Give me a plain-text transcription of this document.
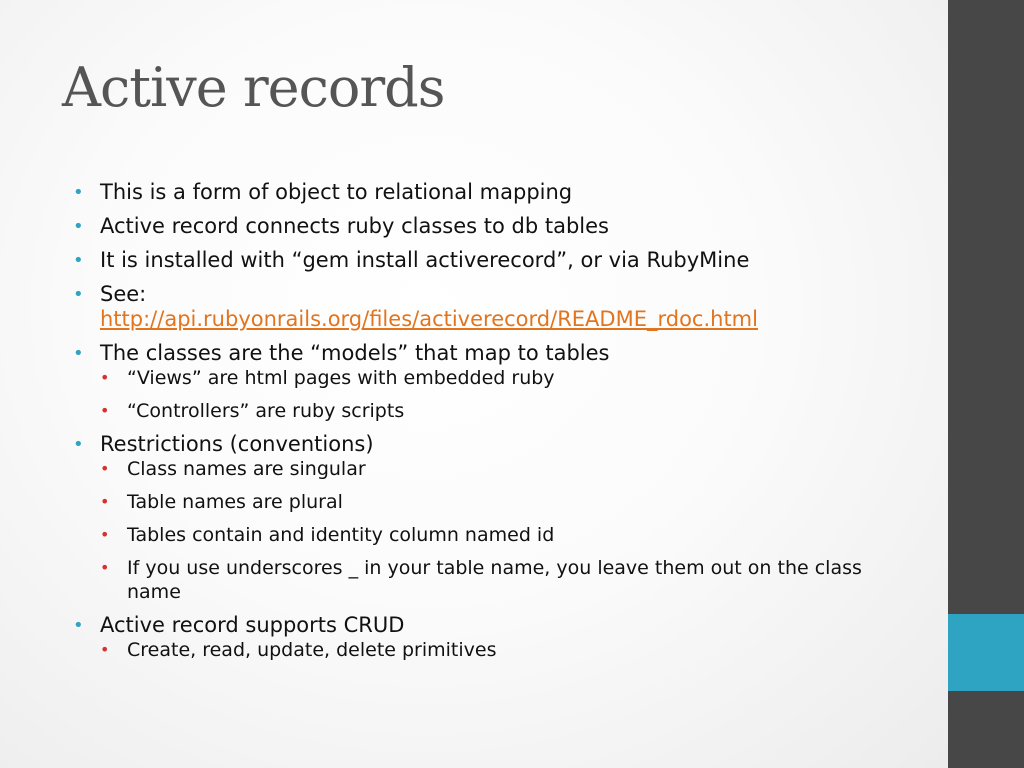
Active records
• This is a form of object to relational mapping
• Active record connects ruby classes to db tables
• It is installed with “gem install activerecord”, or via RubyMine
• See:
http://api.rubyonrails.org/files/activerecord/README_rdoc.html
• The classes are the “models” that map to tables
• “Views” are html pages with embedded ruby
• “Controllers” are ruby scripts
• Restrictions (conventions)
• Class names are singular
• Table names are plural
• Tables contain and identity column named id
• If you use underscores _ in your table name, you leave them out on the class name
• Active record supports CRUD
• Create, read, update, delete primitives
